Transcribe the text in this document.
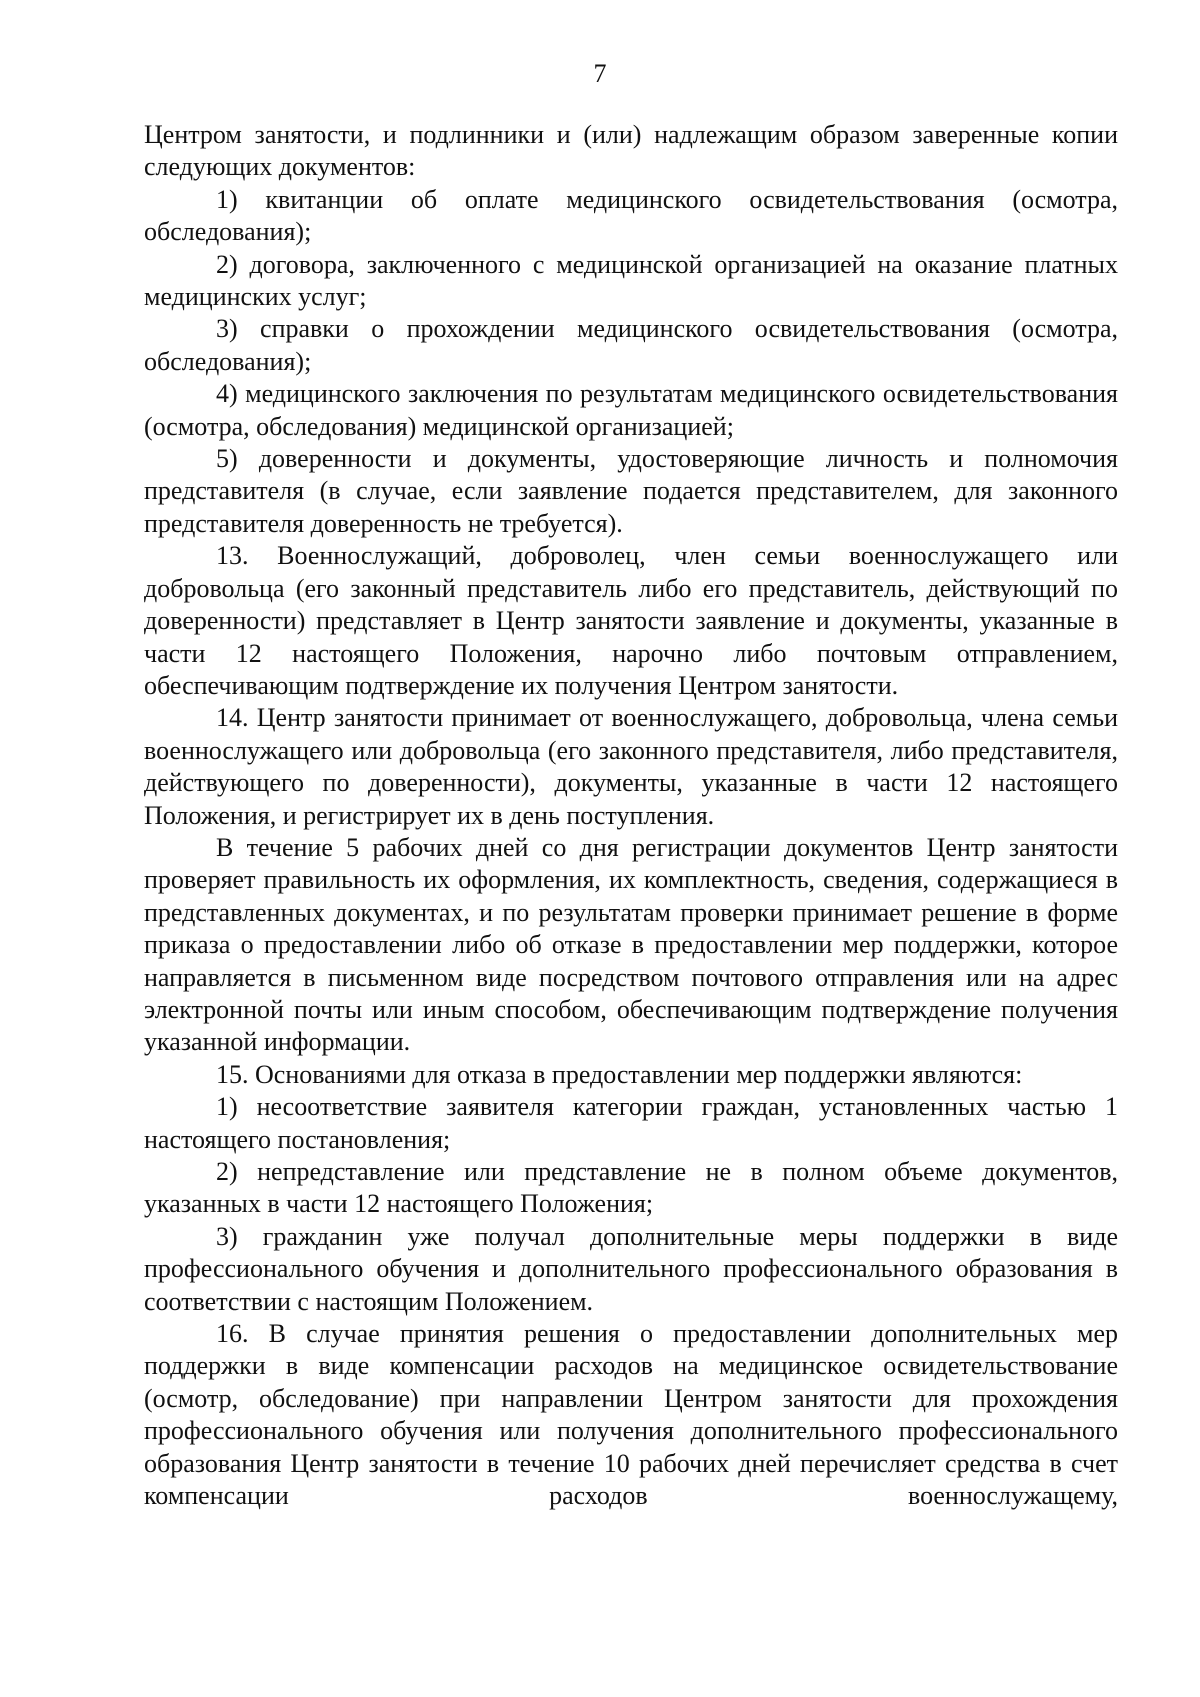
7

Центром занятости, и подлинники и (или) надлежащим образом заверенные копии следующих документов:

1) квитанции об оплате медицинского освидетельствования (осмотра, обследования);

2) договора, заключенного с медицинской организацией на оказание платных медицинских услуг;

3) справки о прохождении медицинского освидетельствования (осмотра, обследования);

4) медицинского заключения по результатам медицинского освидетельствования (осмотра, обследования) медицинской организацией;

5) доверенности и документы, удостоверяющие личность и полномочия представителя (в случае, если заявление подается представителем, для законного представителя доверенность не требуется).

13. Военнослужащий, доброволец, член семьи военнослужащего или добровольца (его законный представитель либо его представитель, действующий по доверенности) представляет в Центр занятости заявление и документы, указанные в части 12 настоящего Положения, нарочно либо почтовым отправлением, обеспечивающим подтверждение их получения Центром занятости.

14. Центр занятости принимает от военнослужащего, добровольца, члена семьи военнослужащего или добровольца (его законного представителя, либо представителя, действующего по доверенности), документы, указанные в части 12 настоящего Положения, и регистрирует их в день поступления.

В течение 5 рабочих дней со дня регистрации документов Центр занятости проверяет правильность их оформления, их комплектность, сведения, содержащиеся в представленных документах, и по результатам проверки принимает решение в форме приказа о предоставлении либо об отказе в предоставлении мер поддержки, которое направляется в письменном виде посредством почтового отправления или на адрес электронной почты или иным способом, обеспечивающим подтверждение получения указанной информации.

15. Основаниями для отказа в предоставлении мер поддержки являются:

1) несоответствие заявителя категории граждан, установленных частью 1 настоящего постановления;

2) непредставление или представление не в полном объеме документов, указанных в части 12 настоящего Положения;

3) гражданин уже получал дополнительные меры поддержки в виде профессионального обучения и дополнительного профессионального образования в соответствии с настоящим Положением.

16. В случае принятия решения о предоставлении дополнительных мер поддержки в виде компенсации расходов на медицинское освидетельствование (осмотр, обследование) при направлении Центром занятости для прохождения профессионального обучения или получения дополнительного профессионального образования Центр занятости в течение 10 рабочих дней перечисляет средства в счет компенсации расходов военнослужащему,
